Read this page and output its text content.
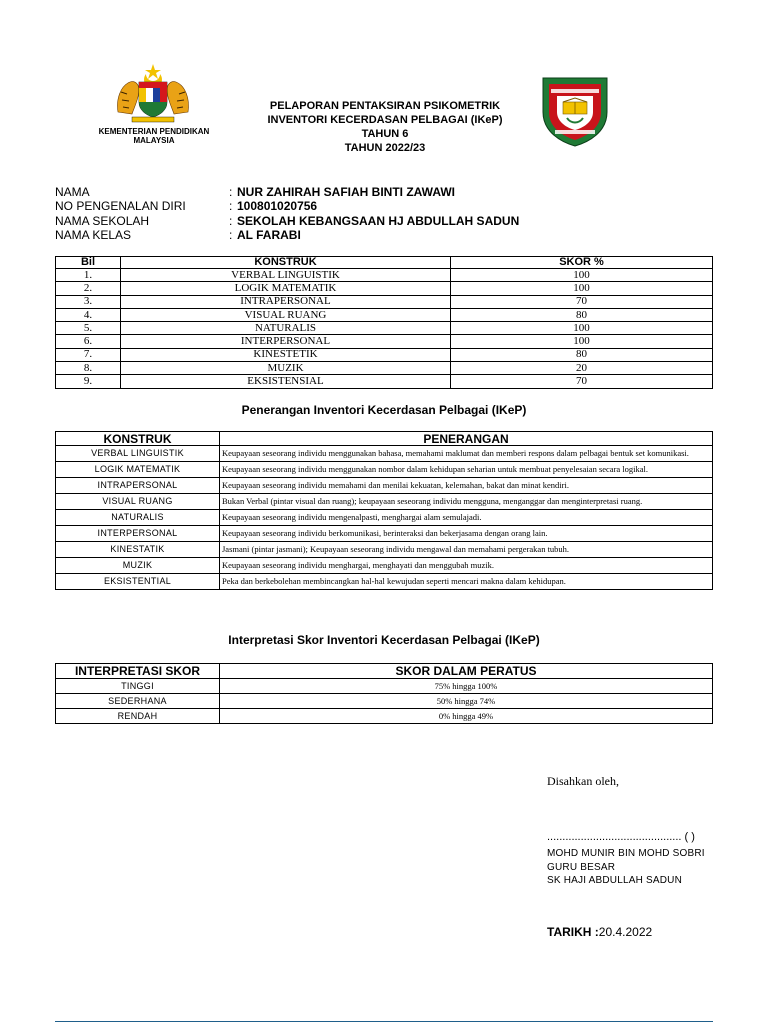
KEMENTERIAN PENDIDIKAN MALAYSIA
PELAPORAN PENTAKSIRAN PSIKOMETRIK
INVENTORI KECERDASAN PELBAGAI (IKeP)
TAHUN 6
TAHUN 2022/23
NAMA	: NUR ZAHIRAH SAFIAH BINTI ZAWAWI
NO PENGENALAN DIRI	: 100801020756
NAMA SEKOLAH	: SEKOLAH KEBANGSAAN HJ ABDULLAH SADUN
NAMA KELAS	: AL FARABI
Bil	KONSTRUK	SKOR %
1.	VERBAL LINGUISTIK	100
2.	LOGIK MATEMATIK	100
3.	INTRAPERSONAL	70
4.	VISUAL RUANG	80
5.	NATURALIS	100
6.	INTERPERSONAL	100
7.	KINESTETIK	80
8.	MUZIK	20
9.	EKSISTENSIAL	70
Penerangan Inventori Kecerdasan Pelbagai (IKeP)
KONSTRUK	PENERANGAN
VERBAL LINGUISTIK	Keupayaan seseorang individu menggunakan bahasa, memahami maklumat dan memberi respons dalam pelbagai bentuk set komunikasi.
LOGIK MATEMATIK	Keupayaan seseorang individu menggunakan nombor dalam kehidupan seharian untuk membuat penyelesaian secara logikal.
INTRAPERSONAL	Keupayaan seseorang individu memahami dan menilai kekuatan, kelemahan, bakat dan minat kendiri.
VISUAL RUANG	Bukan Verbal (pintar visual dan ruang); keupayaan seseorang individu mengguna, menganggar dan menginterpretasi ruang.
NATURALIS	Keupayaan seseorang individu mengenalpasti, menghargai alam semulajadi.
INTERPERSONAL	Keupayaan seseorang individu berkomunikasi, berinteraksi dan bekerjasama dengan orang lain.
KINESTATIK	Jasmani (pintar jasmani); Keupayaan seseorang individu mengawal dan memahami pergerakan tubuh.
MUZIK	Keupayaan seseorang individu menghargai, menghayati dan menggubah muzik.
EKSISTENTIAL	Peka dan berkebolehan membincangkan hal-hal kewujudan seperti mencari makna dalam kehidupan.
Interpretasi Skor Inventori Kecerdasan Pelbagai (IKeP)
INTERPRETASI SKOR	SKOR DALAM PERATUS
TINGGI	75% hingga 100%
SEDERHANA	50% hingga 74%
RENDAH	0% hingga 49%
Disahkan oleh,
............................................ ( )
MOHD MUNIR BIN MOHD SOBRI
GURU BESAR
SK HAJI ABDULLAH SADUN
TARIKH :20.4.2022
